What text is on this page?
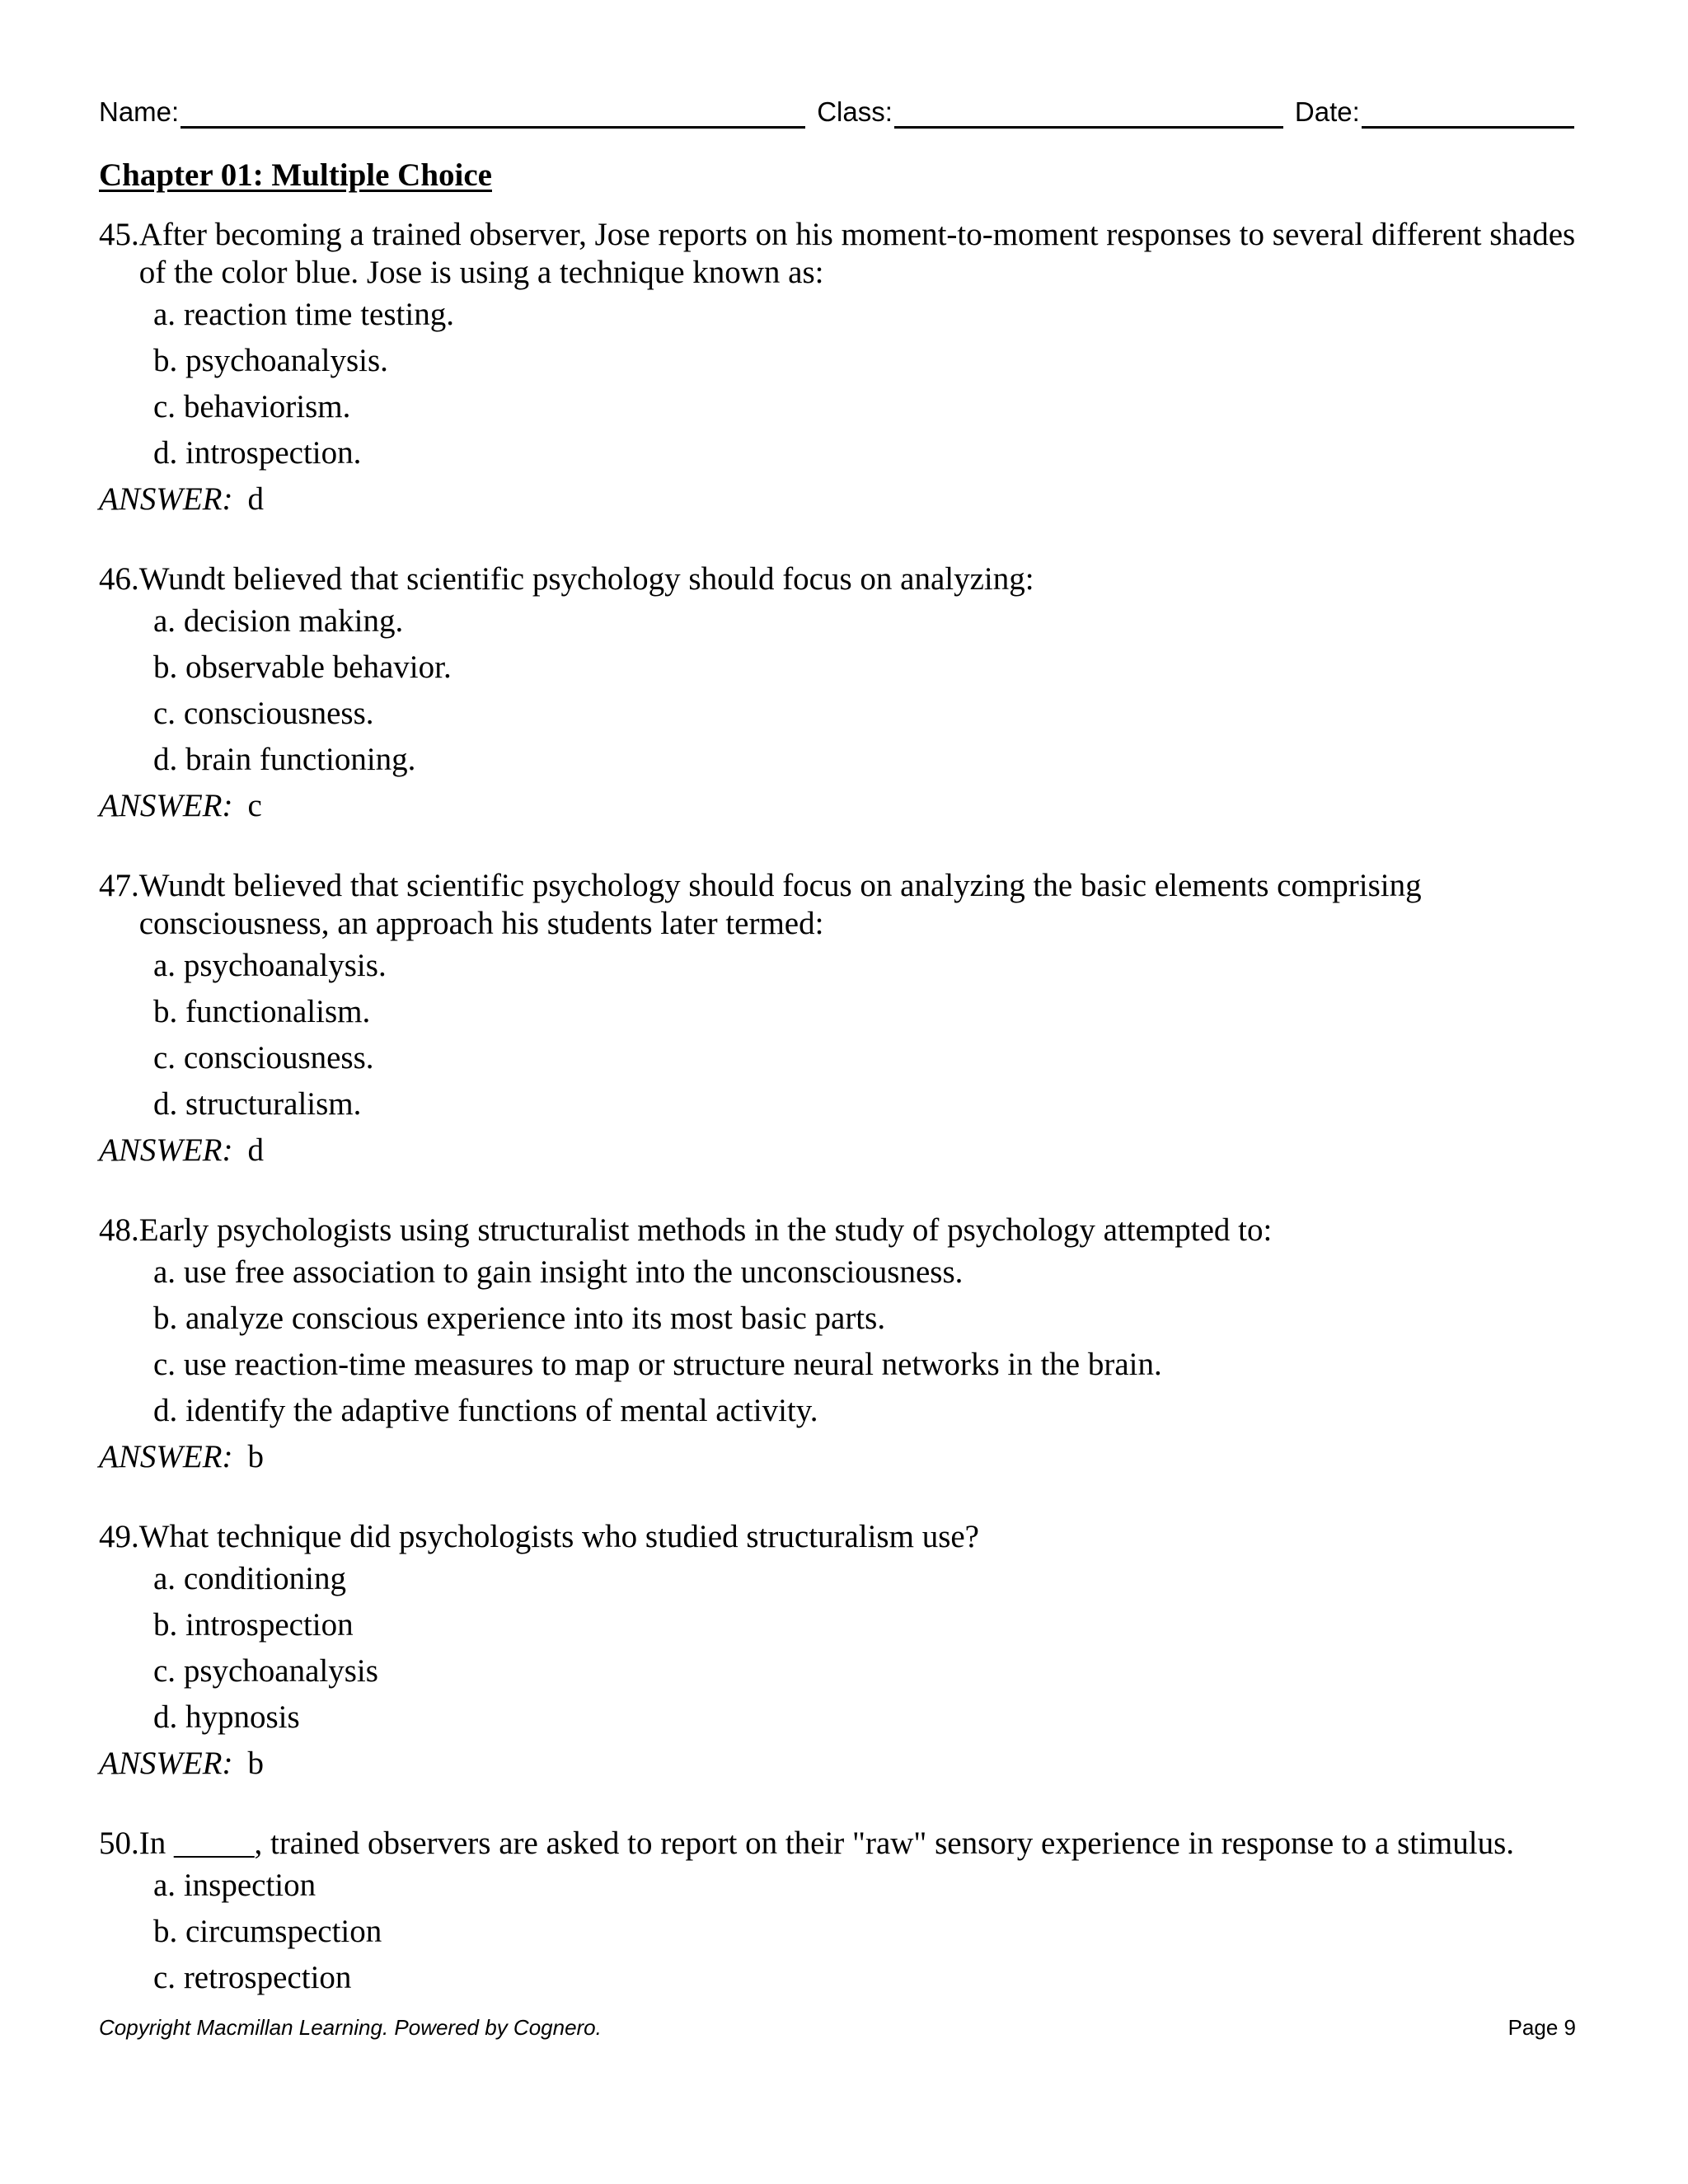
Name:	Class:	Date:
Chapter 01: Multiple Choice
45. After becoming a trained observer, Jose reports on his moment-to-moment responses to several different shades of the color blue. Jose is using a technique known as:
a. reaction time testing.
b. psychoanalysis.
c. behaviorism.
d. introspection.
ANSWER: d
46. Wundt believed that scientific psychology should focus on analyzing:
a. decision making.
b. observable behavior.
c. consciousness.
d. brain functioning.
ANSWER: c
47. Wundt believed that scientific psychology should focus on analyzing the basic elements comprising consciousness, an approach his students later termed:
a. psychoanalysis.
b. functionalism.
c. consciousness.
d. structuralism.
ANSWER: d
48. Early psychologists using structuralist methods in the study of psychology attempted to:
a. use free association to gain insight into the unconsciousness.
b. analyze conscious experience into its most basic parts.
c. use reaction-time measures to map or structure neural networks in the brain.
d. identify the adaptive functions of mental activity.
ANSWER: b
49. What technique did psychologists who studied structuralism use?
a. conditioning
b. introspection
c. psychoanalysis
d. hypnosis
ANSWER: b
50. In _____, trained observers are asked to report on their "raw" sensory experience in response to a stimulus.
a. inspection
b. circumspection
c. retrospection
Copyright Macmillan Learning. Powered by Cognero.	Page 9
